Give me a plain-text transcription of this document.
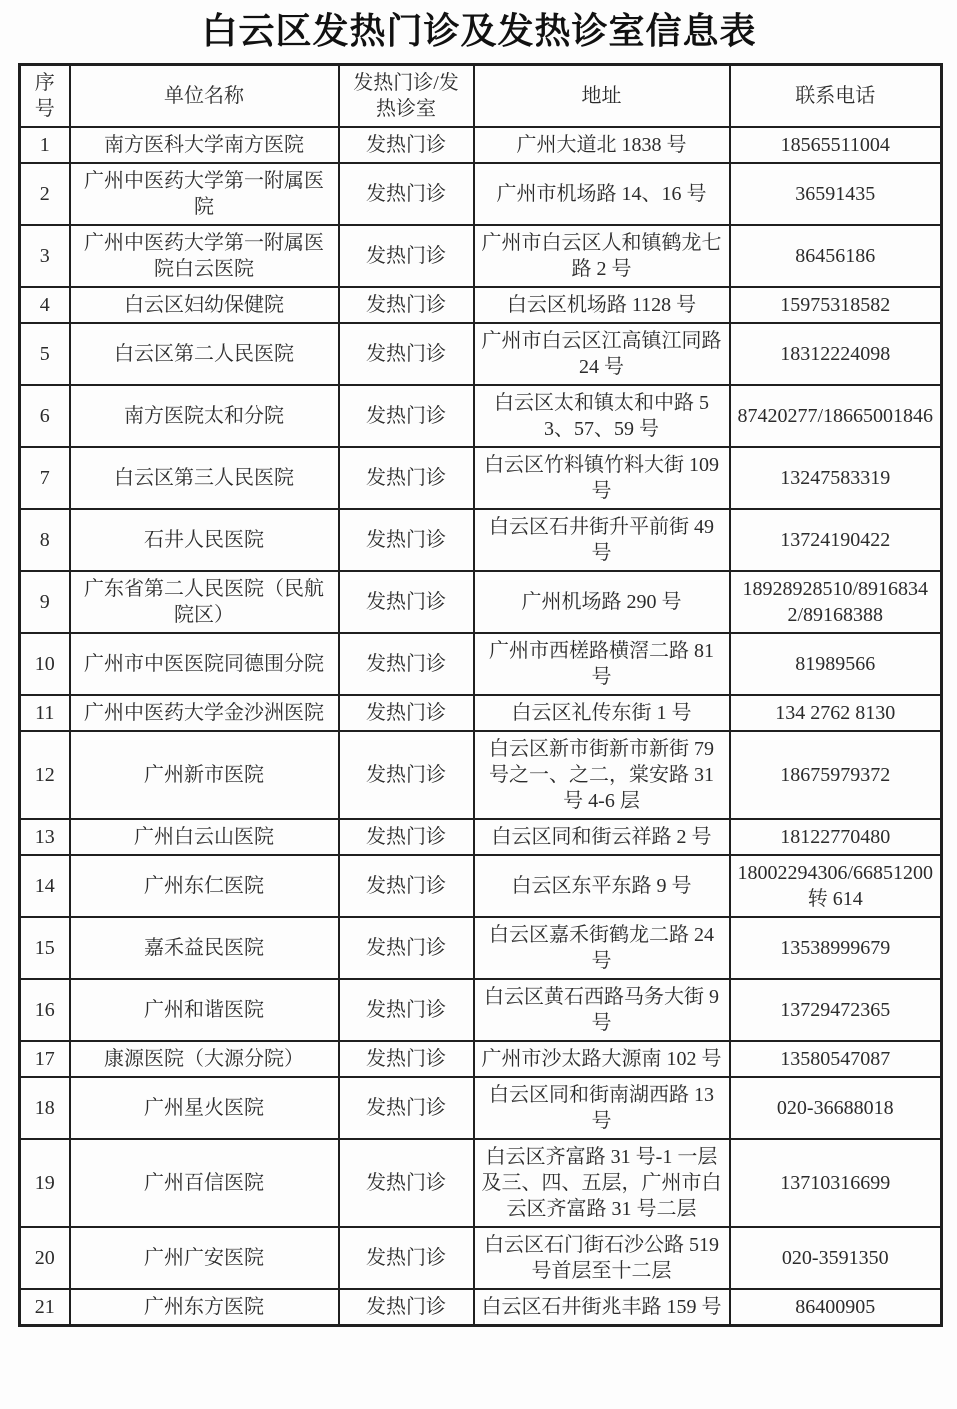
白云区发热门诊及发热诊室信息表
序号	单位名称	发热门诊/发热诊室	地址	联系电话
1	南方医科大学南方医院	发热门诊	广州大道北 1838 号	18565511004
2	广州中医药大学第一附属医院	发热门诊	广州市机场路 14、16 号	36591435
3	广州中医药大学第一附属医院白云医院	发热门诊	广州市白云区人和镇鹤龙七路 2 号	86456186
4	白云区妇幼保健院	发热门诊	白云区机场路 1128 号	15975318582
5	白云区第二人民医院	发热门诊	广州市白云区江高镇江同路 24 号	18312224098
6	南方医院太和分院	发热门诊	白云区太和镇太和中路 53、57、59 号	87420277/18665001846
7	白云区第三人民医院	发热门诊	白云区竹料镇竹料大街 109 号	13247583319
8	石井人民医院	发热门诊	白云区石井街升平前街 49 号	13724190422
9	广东省第二人民医院（民航院区）	发热门诊	广州机场路 290 号	18928928510/89168342/89168388
10	广州市中医医院同德围分院	发热门诊	广州市西槎路横滘二路 81 号	81989566
11	广州中医药大学金沙洲医院	发热门诊	白云区礼传东街 1 号	134 2762 8130
12	广州新市医院	发热门诊	白云区新市街新市新街 79 号之一、之二，棠安路 31 号 4-6 层	18675979372
13	广州白云山医院	发热门诊	白云区同和街云祥路 2 号	18122770480
14	广州东仁医院	发热门诊	白云区东平东路 9 号	18002294306/66851200 转 614
15	嘉禾益民医院	发热门诊	白云区嘉禾街鹤龙二路 24 号	13538999679
16	广州和谐医院	发热门诊	白云区黄石西路马务大街 9 号	13729472365
17	康源医院（大源分院）	发热门诊	广州市沙太路大源南 102 号	13580547087
18	广州星火医院	发热门诊	白云区同和街南湖西路 13 号	020-36688018
19	广州百信医院	发热门诊	白云区齐富路 31 号-1 一层及三、四、五层，广州市白云区齐富路 31 号二层	13710316699
20	广州广安医院	发热门诊	白云区石门街石沙公路 519 号首层至十二层	020-3591350
21	广州东方医院	发热门诊	白云区石井街兆丰路 159 号	86400905
